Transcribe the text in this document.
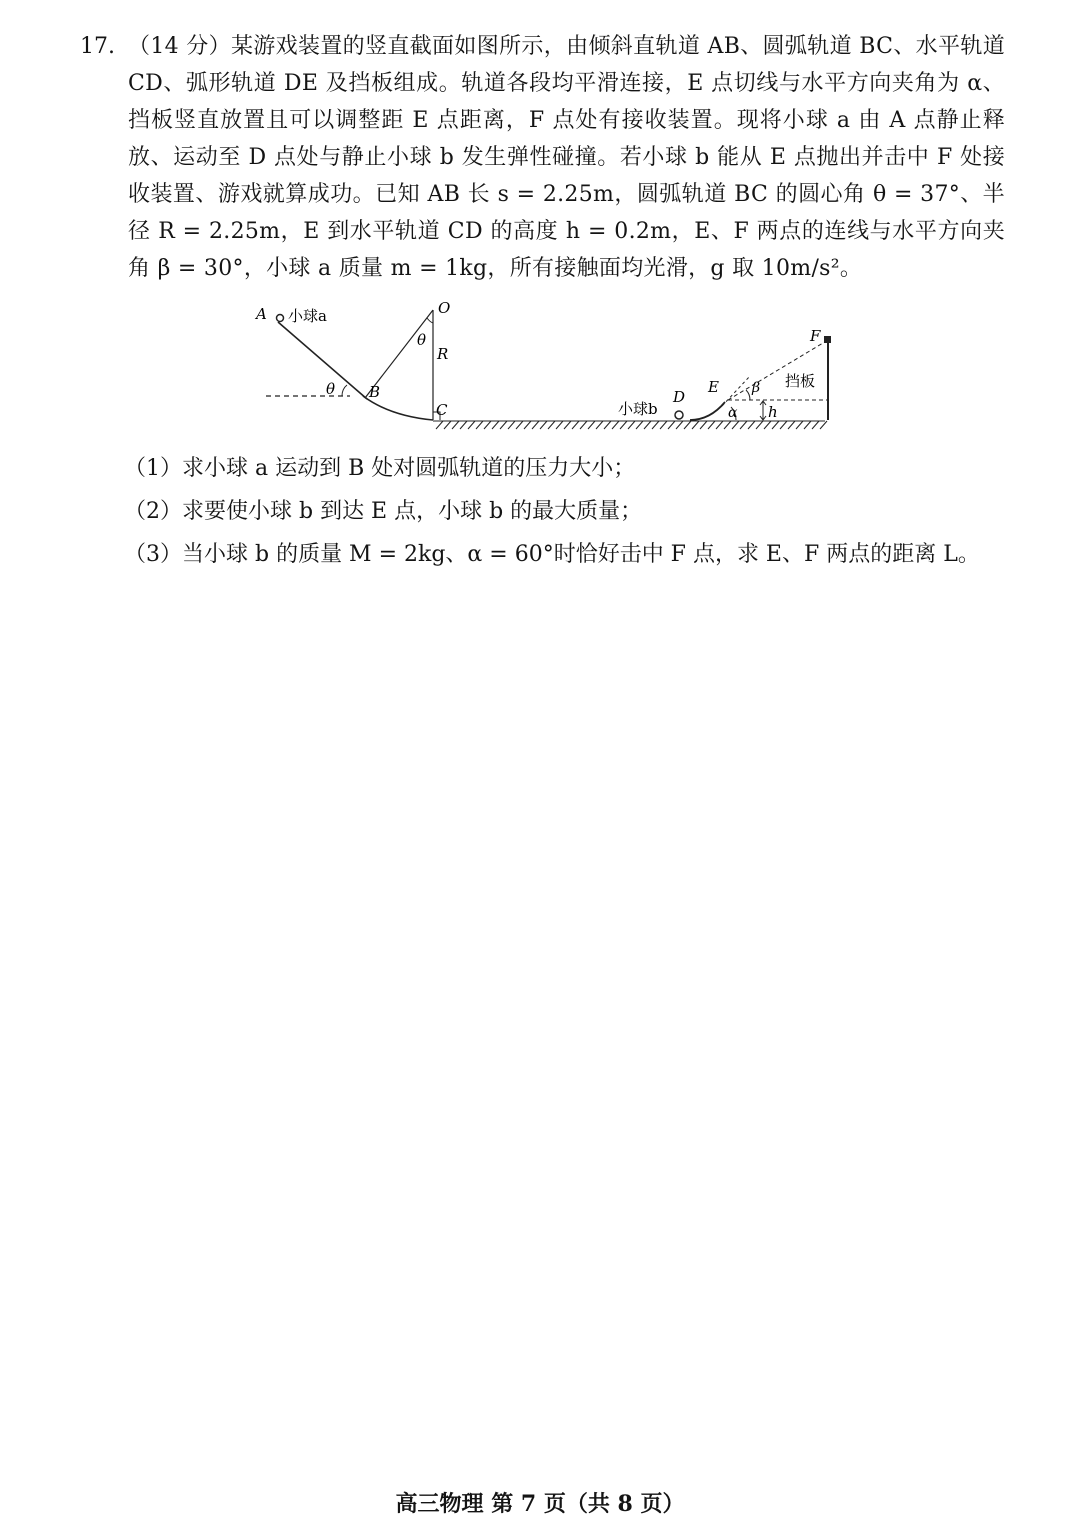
17. （14 分）某游戏装置的竖直截面如图所示，由倾斜直轨道 AB、圆弧轨道 BC、水平轨道 CD、弧形轨道 DE 及挡板组成。轨道各段均平滑连接，E 点切线与水平方向夹角为 α、挡板竖直放置且可以调整距 E 点距离，F 点处有接收装置。现将小球 a 由 A 点静止释放、运动至 D 点处与静止小球 b 发生弹性碰撞。若小球 b 能从 E 点抛出并击中 F 处接收装置、游戏就算成功。已知 AB 长 s = 2.25m，圆弧轨道 BC 的圆心角 θ = 37°、半径 R = 2.25m，E 到水平轨道 CD 的高度 h = 0.2m，E、F 两点的连线与水平方向夹角 β = 30°，小球 a 质量 m = 1kg，所有接触面均光滑，g 取 10m/s²。
A 小球a	O
θ
R
θ B
C	小球b
D
E
α
β
h
挡板
F
（1）求小球 a 运动到 B 处对圆弧轨道的压力大小；
（2）求要使小球 b 到达 E 点，小球 b 的最大质量；
（3）当小球 b 的质量 M = 2kg、α = 60°时恰好击中 F 点，求 E、F 两点的距离 L。
高三物理 第 7 页（共 8 页）
